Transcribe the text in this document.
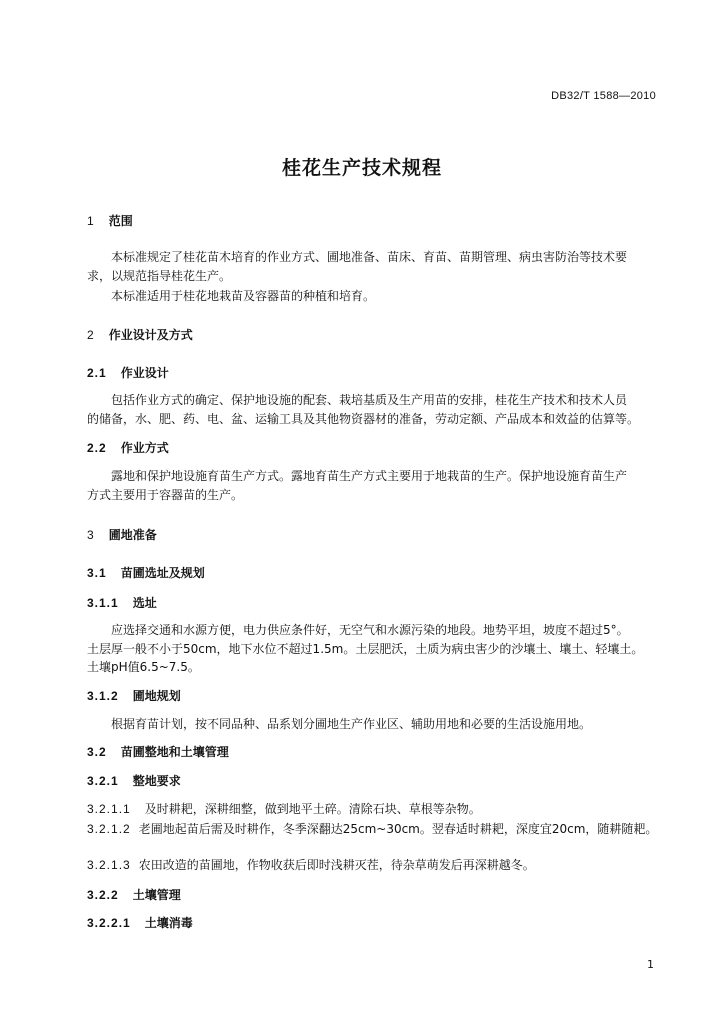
DB32/T 1588—2010
桂花生产技术规程
1 范围
本标准规定了桂花苗木培育的作业方式、圃地准备、苗床、育苗、苗期管理、病虫害防治等技术要
求，以规范指导桂花生产。
本标准适用于桂花地栽苗及容器苗的种植和培育。
2 作业设计及方式
2.1 作业设计
包括作业方式的确定、保护地设施的配套、栽培基质及生产用苗的安排，桂花生产技术和技术人员
的储备，水、肥、药、电、盆、运输工具及其他物资器材的准备，劳动定额、产品成本和效益的估算等。
2.2 作业方式
露地和保护地设施育苗生产方式。露地育苗生产方式主要用于地栽苗的生产。保护地设施育苗生产
方式主要用于容器苗的生产。
3 圃地准备
3.1 苗圃选址及规划
3.1.1 选址
应选择交通和水源方便，电力供应条件好，无空气和水源污染的地段。地势平坦，坡度不超过5°。
土层厚一般不小于50cm，地下水位不超过1.5m。土层肥沃，土质为病虫害少的沙壤土、壤土、轻壤土。
土壤pH值6.5~7.5。
3.1.2 圃地规划
根据育苗计划，按不同品种、品系划分圃地生产作业区、辅助用地和必要的生活设施用地。
3.2 苗圃整地和土壤管理
3.2.1 整地要求
3.2.1.1 及时耕耙，深耕细整，做到地平土碎。清除石块、草根等杂物。
3.2.1.2 老圃地起苗后需及时耕作，冬季深翻达25cm~30cm。翌春适时耕耙，深度宜20cm，随耕随耙。
3.2.1.3 农田改造的苗圃地，作物收获后即时浅耕灭茬，待杂草萌发后再深耕越冬。
3.2.2 土壤管理
3.2.2.1 土壤消毒
1
